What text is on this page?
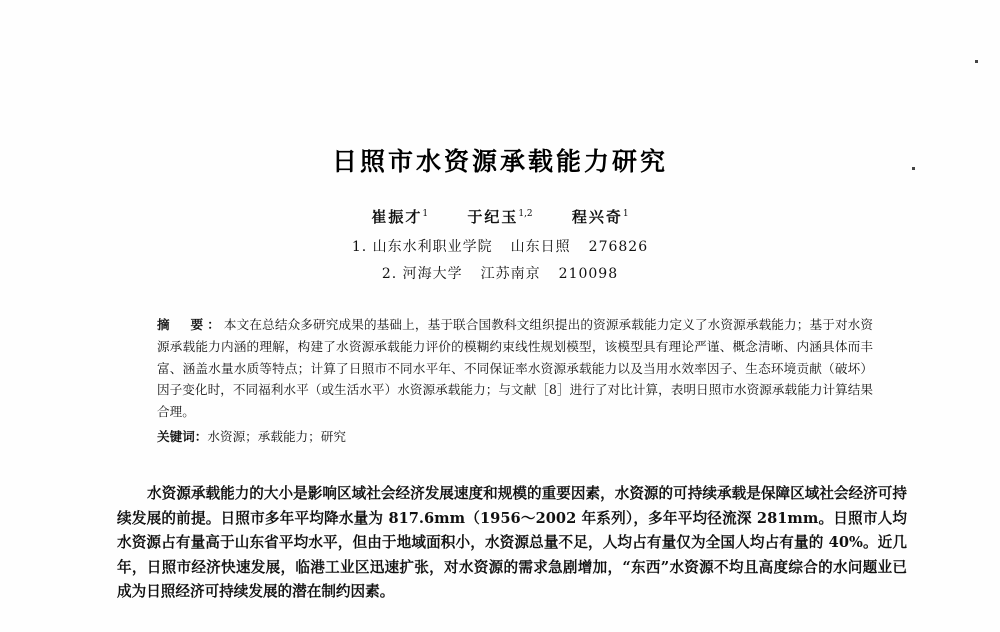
日照市水资源承载能力研究
崔振才$^1$	于纪玉$^{1,2}$	程兴奇$^1$
1. 山东水利职业学院 山东日照 276826
2. 河海大学 江苏南京 210098
摘　要：本文在总结众多研究成果的基础上，基于联合国教科文组织提出的资源承载能力定义了水资源承载能力；基于对水资源承载能力内涵的理解，构建了水资源承载能力评价的模糊约束线性规划模型，该模型具有理论严谨、概念清晰、内涵具体而丰富、涵盖水量水质等特点；计算了日照市不同水平年、不同保证率水资源承载能力以及当用水效率因子、生态环境贡献（破坏）因子变化时，不同福利水平（或生活水平）水资源承载能力；与文献［8］进行了对比计算，表明日照市水资源承载能力计算结果合理。
关键词：水资源；承载能力；研究
水资源承载能力的大小是影响区域社会经济发展速度和规模的重要因素，水资源的可持续承载是保障区域社会经济可持续发展的前提。日照市多年平均降水量为 817.6mm（1956～2002 年系列），多年平均径流深 281mm。日照市人均水资源占有量高于山东省平均水平，但由于地域面积小，水资源总量不足，人均占有量仅为全国人均占有量的 40%。近几年，日照市经济快速发展，临港工业区迅速扩张，对水资源的需求急剧增加，“东西”水资源不均且高度综合的水问题业已成为日照经济可持续发展的潜在制约因素。
